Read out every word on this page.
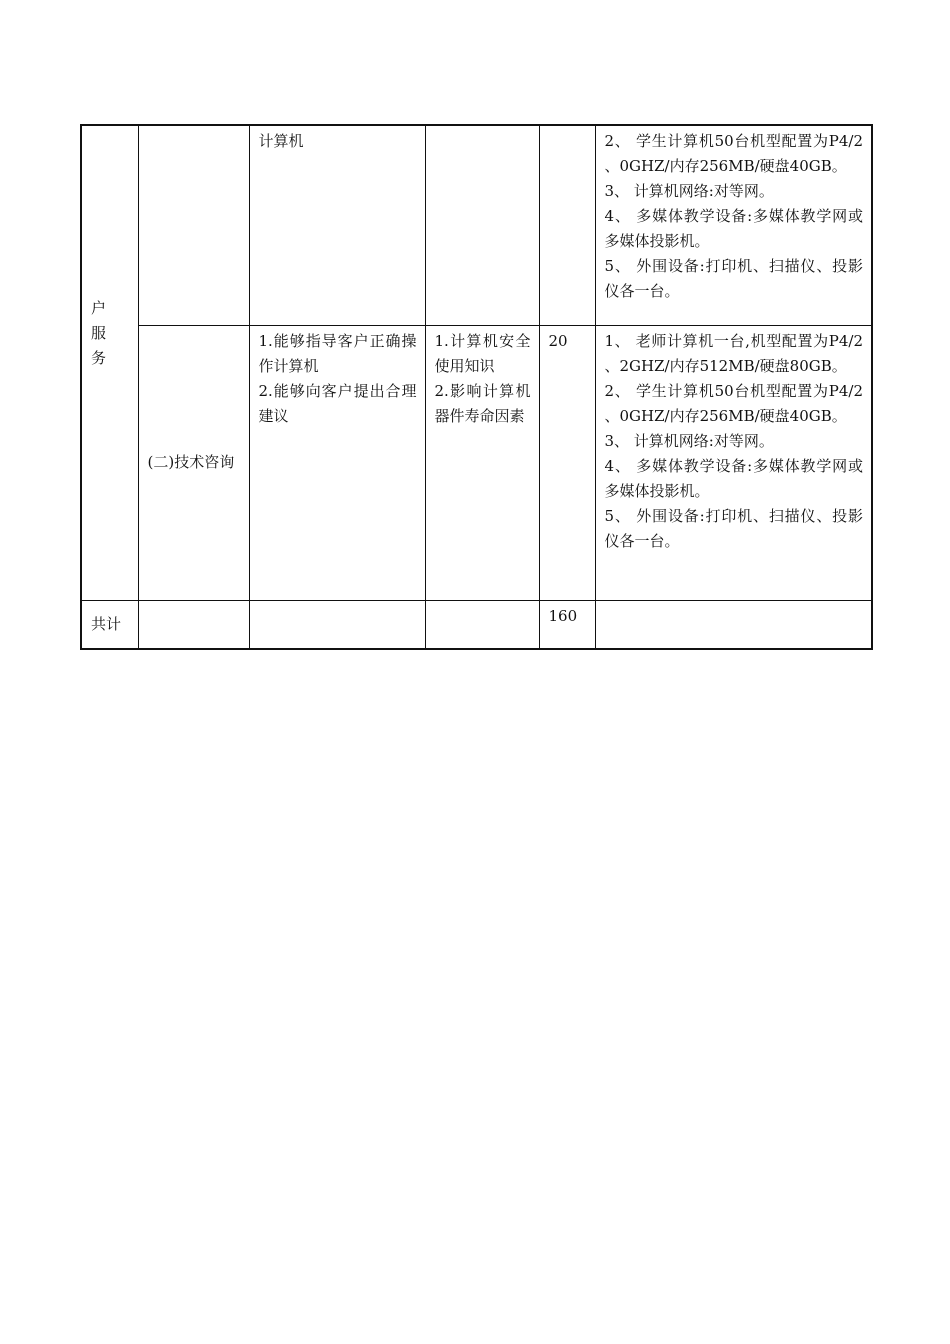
户
服
务		计算机			2、 学生计算机50台机型配置为P4/2 、0GHZ/内存256MB/硬盘40GB。
3、 计算机网络:对等网。
4、 多媒体教学设备:多媒体教学网或多媒体投影机。
5、 外围设备:打印机、扫描仪、投影仪各一台。

	(二)技术咨询	1.能够指导客户正确操作计算机
2.能够向客户提出合理建议	1.计算机安全使用知识
2.影响计算机器件寿命因素	20	1、 老师计算机一台,机型配置为P4/2 、2GHZ/内存512MB/硬盘80GB。
2、 学生计算机50台机型配置为P4/2 、0GHZ/内存256MB/硬盘40GB。
3、 计算机网络:对等网。
4、 多媒体教学设备:多媒体教学网或多媒体投影机。
5、 外围设备:打印机、扫描仪、投影仪各一台。

共计				160	
